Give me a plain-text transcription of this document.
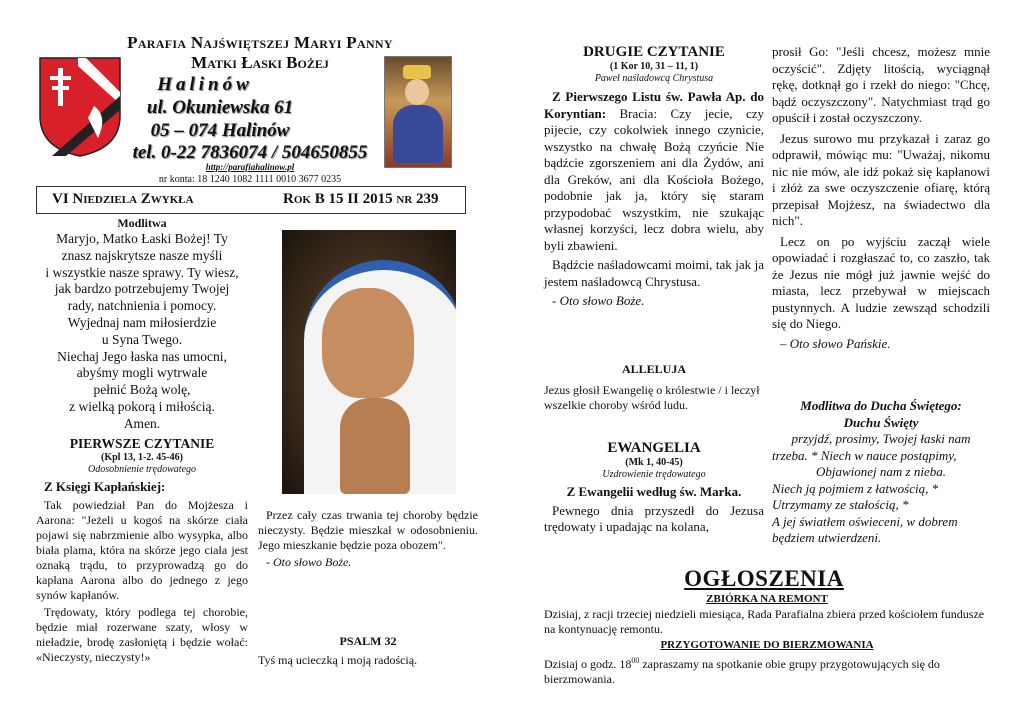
Parafia Najświętszej Maryi Panny
Matki Łaski Bożej
Halinów
ul. Okuniewska 61
05 – 074 Halinów
tel. 0-22 7836074 / 504650855
http://parafiahalinow.pl
nr konta: 18 1240 1082 1111 0010 3677 0235
VI Niedziela Zwykła	Rok B 15 II 2015 nr 239

Modlitwa

Maryjo, Matko Łaski Bożej! Ty

znasz najskrytsze nasze myśli

i wszystkie nasze sprawy. Ty wiesz,

jak bardzo potrzebujemy Twojej

rady, natchnienia i pomocy.

Wyjednaj nam miłosierdzie

u Syna Twego.

Niechaj Jego łaska nas umocni,

abyśmy mogli wytrwale

pełnić Bożą wolę,

z wielką pokorą i miłością.

Amen.

PIERWSZE CZYTANIE

(Kpl 13, 1-2. 45-46)

Odosobnienie trędowatego

Z Księgi Kapłańskiej:

Tak powiedział Pan do Mojżesza i Aarona: "Jeżeli u kogoś na skórze ciała pojawi się nabrzmienie albo wysypka, albo biała plama, która na skórze jego ciała jest oznaką trądu, to przyprowadzą go do kapłana Aarona albo do jednego z jego synów kapłanów.

Trędowaty, który podlega tej chorobie, będzie miał rozerwane szaty, włosy w nieładzie, brodę zasłoniętą i będzie wołać: «Nieczysty, nieczysty!»

Przez cały czas trwania tej choroby będzie nieczysty. Będzie mieszkał w odosobnieniu. Jego mieszkanie będzie poza obozem".

- Oto słowo Boże.

PSALM 32

Tyś mą ucieczką i moją radością.

DRUGIE CZYTANIE

(1 Kor 10, 31 – 11, 1)

Paweł naśladowcą Chrystusa

Z Pierwszego Listu św. Pawła Ap. do Koryntian: Bracia: Czy jecie, czy pijecie, czy cokolwiek innego czynicie, wszystko na chwałę Bożą czyńcie Nie bądźcie zgorszeniem ani dla Żydów, ani dla Greków, ani dla Kościoła Bożego, podobnie jak ja, który się staram przypodobać wszystkim, nie szukając własnej korzyści, lecz dobra wielu, aby byli zbawieni.

Bądźcie naśladowcami moimi, tak jak ja jestem naśladowcą Chrystusa.

- Oto słowo Boże.

ALLELUJA

Jezus głosił Ewangelię o królestwie / i leczył wszelkie choroby wśród ludu.

EWANGELIA

(Mk 1, 40-45)

Uzdrowienie trędowatego

Z Ewangelii według św. Marka.

Pewnego dnia przyszedł do Jezusa trędowaty i upadając na kolana,

prosił Go: "Jeśli chcesz, możesz mnie oczyścić". Zdjęty litością, wyciągnął rękę, dotknął go i rzekł do niego: "Chcę, bądź oczyszczony". Natychmiast trąd go opuścił i został oczyszczony.

Jezus surowo mu przykazał i zaraz go odprawił, mówiąc mu: "Uważaj, nikomu nic nie mów, ale idź pokaż się kapłanowi i złóż za swe oczyszczenie ofiarę, którą przepisał Mojżesz, na świadectwo dla nich".

Lecz on po wyjściu zaczął wiele opowiadać i rozgłaszać to, co zaszło, tak że Jezus nie mógł już jawnie wejść do miasta, lecz przebywał w miejscach pustynnych. A ludzie zewsząd schodzili się do Niego.

– Oto słowo Pańskie.

Modlitwa do Ducha Świętego:

Duchu Święty

przyjdź, prosimy, Twojej łaski nam

trzeba. * Niech w nauce postąpimy,

Objawionej nam z nieba.

Niech ją pojmiem z łatwością, *

Utrzymamy ze stałością, *

A jej światłem oświeceni, w dobrem

będziem utwierdzeni.

OGŁOSZENIA

ZBIÓRKA NA REMONT

Dzisiaj, z racji trzeciej niedzieli miesiąca, Rada Parafialna zbiera przed kościołem fundusze na kontynuację remontu.

PRZYGOTOWANIE DO BIERZMOWANIA

Dzisiaj o godz. $18^{00}$ zapraszamy na spotkanie obie grupy przygotowujących się do bierzmowania.
